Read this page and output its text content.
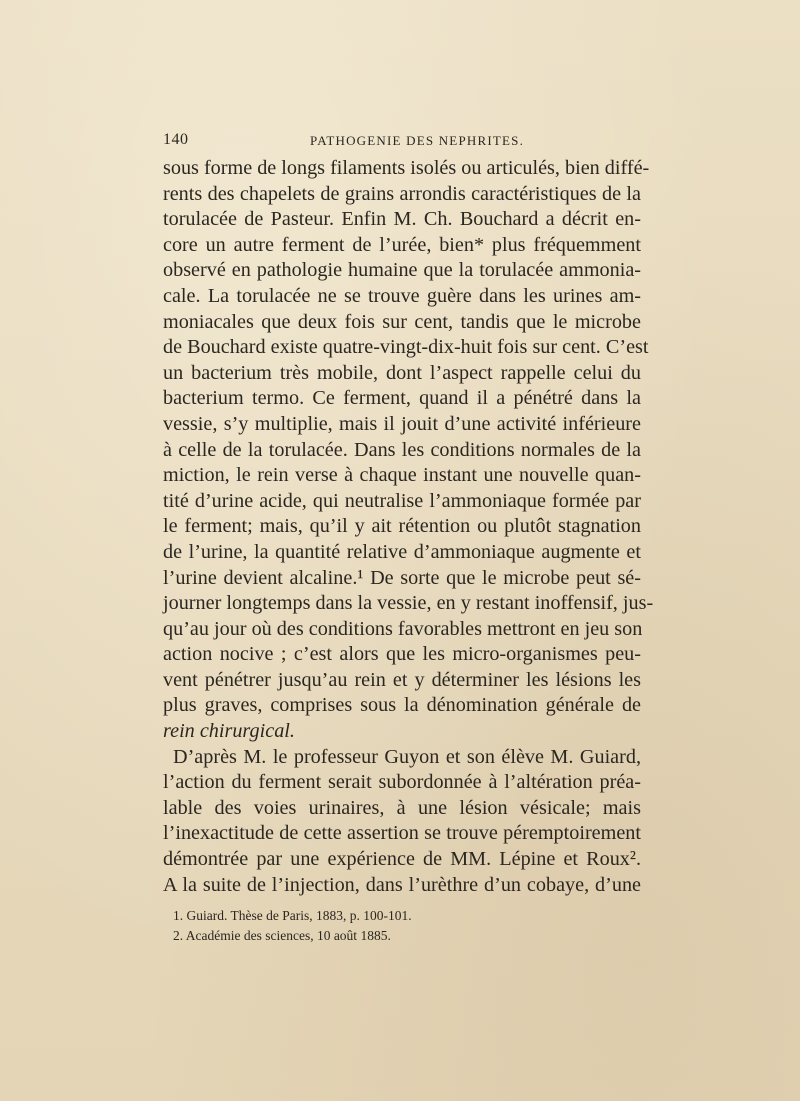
140	PATHOGENIE DES NEPHRITES.
sous forme de longs filaments isolés ou articulés, bien diffé-
rents des chapelets de grains arrondis caractéristiques de la
torulacée de Pasteur. Enfin M. Ch. Bouchard a décrit en-
core un autre ferment de l’urée, bien* plus fréquemment
observé en pathologie humaine que la torulacée ammonia-
cale. La torulacée ne se trouve guère dans les urines am-
moniacales que deux fois sur cent, tandis que le microbe
de Bouchard existe quatre-vingt-dix-huit fois sur cent. C’est
un bacterium très mobile, dont l’aspect rappelle celui du
bacterium termo. Ce ferment, quand il a pénétré dans la
vessie, s’y multiplie, mais il jouit d’une activité inférieure
à celle de la torulacée. Dans les conditions normales de la
miction, le rein verse à chaque instant une nouvelle quan-
tité d’urine acide, qui neutralise l’ammoniaque formée par
le ferment; mais, qu’il y ait rétention ou plutôt stagnation
de l’urine, la quantité relative d’ammoniaque augmente et
l’urine devient alcaline.¹ De sorte que le microbe peut sé-
journer longtemps dans la vessie, en y restant inoffensif, jus-
qu’au jour où des conditions favorables mettront en jeu son
action nocive ; c’est alors que les micro-organismes peu-
vent pénétrer jusqu’au rein et y déterminer les lésions les
plus graves, comprises sous la dénomination générale de
rein chirurgical.
D’après M. le professeur Guyon et son élève M. Guiard,
l’action du ferment serait subordonnée à l’altération préa-
lable des voies urinaires, à une lésion vésicale; mais
l’inexactitude de cette assertion se trouve péremptoirement
démontrée par une expérience de MM. Lépine et Roux².
A la suite de l’injection, dans l’urèthre d’un cobaye, d’une
1. Guiard. Thèse de Paris, 1883, p. 100-101.
2. Académie des sciences, 10 août 1885.
